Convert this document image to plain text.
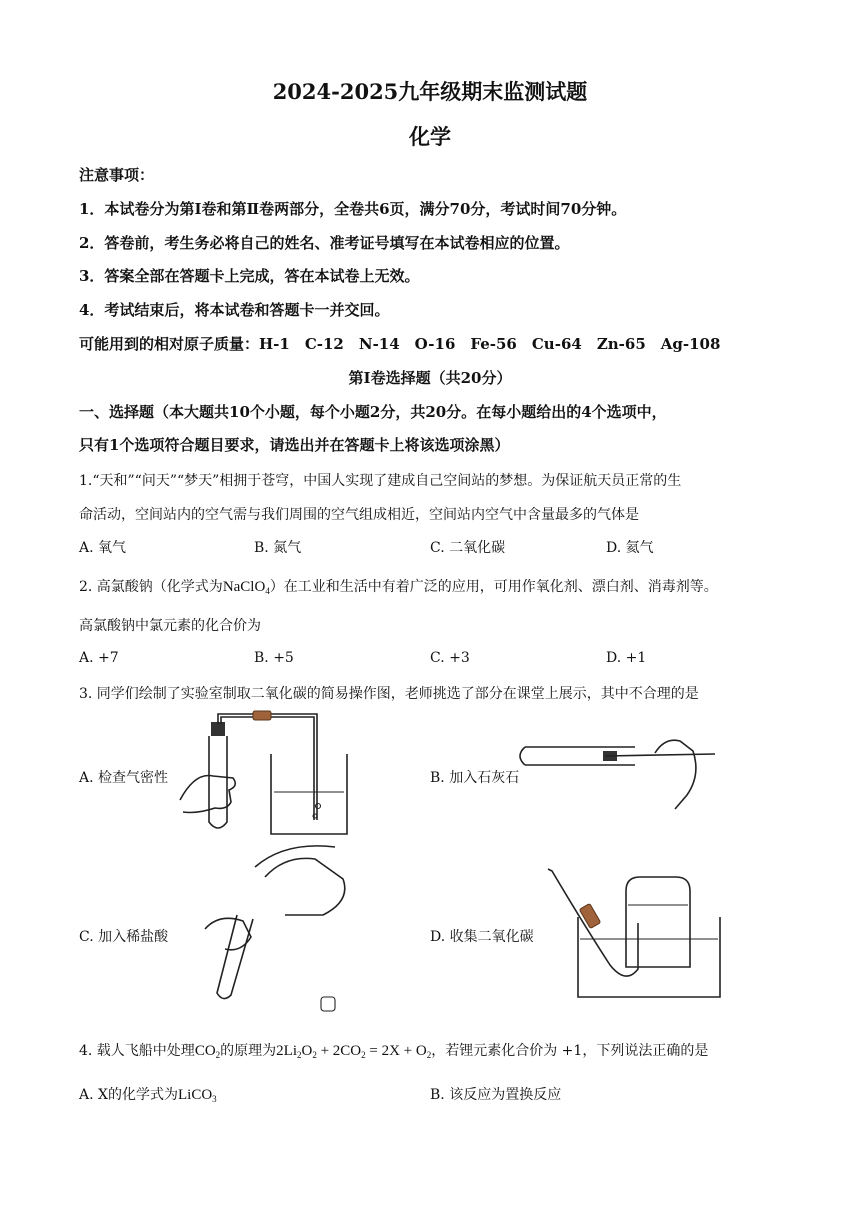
2024-2025九年级期末监测试题
化学
注意事项：
1．本试卷分为第Ⅰ卷和第Ⅱ卷两部分，全卷共6页，满分70分，考试时间70分钟。
2．答卷前，考生务必将自己的姓名、准考证号填写在本试卷相应的位置。
3．答案全部在答题卡上完成，答在本试卷上无效。
4．考试结束后，将本试卷和答题卡一并交回。
可能用到的相对原子质量：H-1　C-12　N-14　O-16　Fe-56　Cu-64　Zn-65　Ag-108
第Ⅰ卷选择题（共20分）
一、选择题（本大题共10个小题，每个小题2分，共20分。在每小题给出的4个选项中，
只有1个选项符合题目要求，请选出并在答题卡上将该选项涂黑）
1.“天和”“问天”“梦天”相拥于苍穹，中国人实现了建成自己空间站的梦想。为保证航天员正常的生
命活动，空间站内的空气需与我们周围的空气组成相近，空间站内空气中含量最多的气体是
A. 氧气	B. 氮气	C. 二氧化碳	D. 氦气
2. 高氯酸钠（化学式为NaClO$_4$）在工业和生活中有着广泛的应用，可用作氧化剂、漂白剂、消毒剂等。
高氯酸钠中氯元素的化合价为
A. +7	B. +5	C. +3	D. +1
3. 同学们绘制了实验室制取二氧化碳的简易操作图，老师挑选了部分在课堂上展示，其中不合理的是
A. 检查气密性	B. 加入石灰石
C. 加入稀盐酸	D. 收集二氧化碳
4. 载人飞船中处理$CO_2$的原理为$2Li_2O_2 + 2CO_2 = 2X + O_2$，若锂元素化合价为 +1，下列说法正确的是
A. X的化学式为LiCO$_3$	B. 该反应为置换反应
